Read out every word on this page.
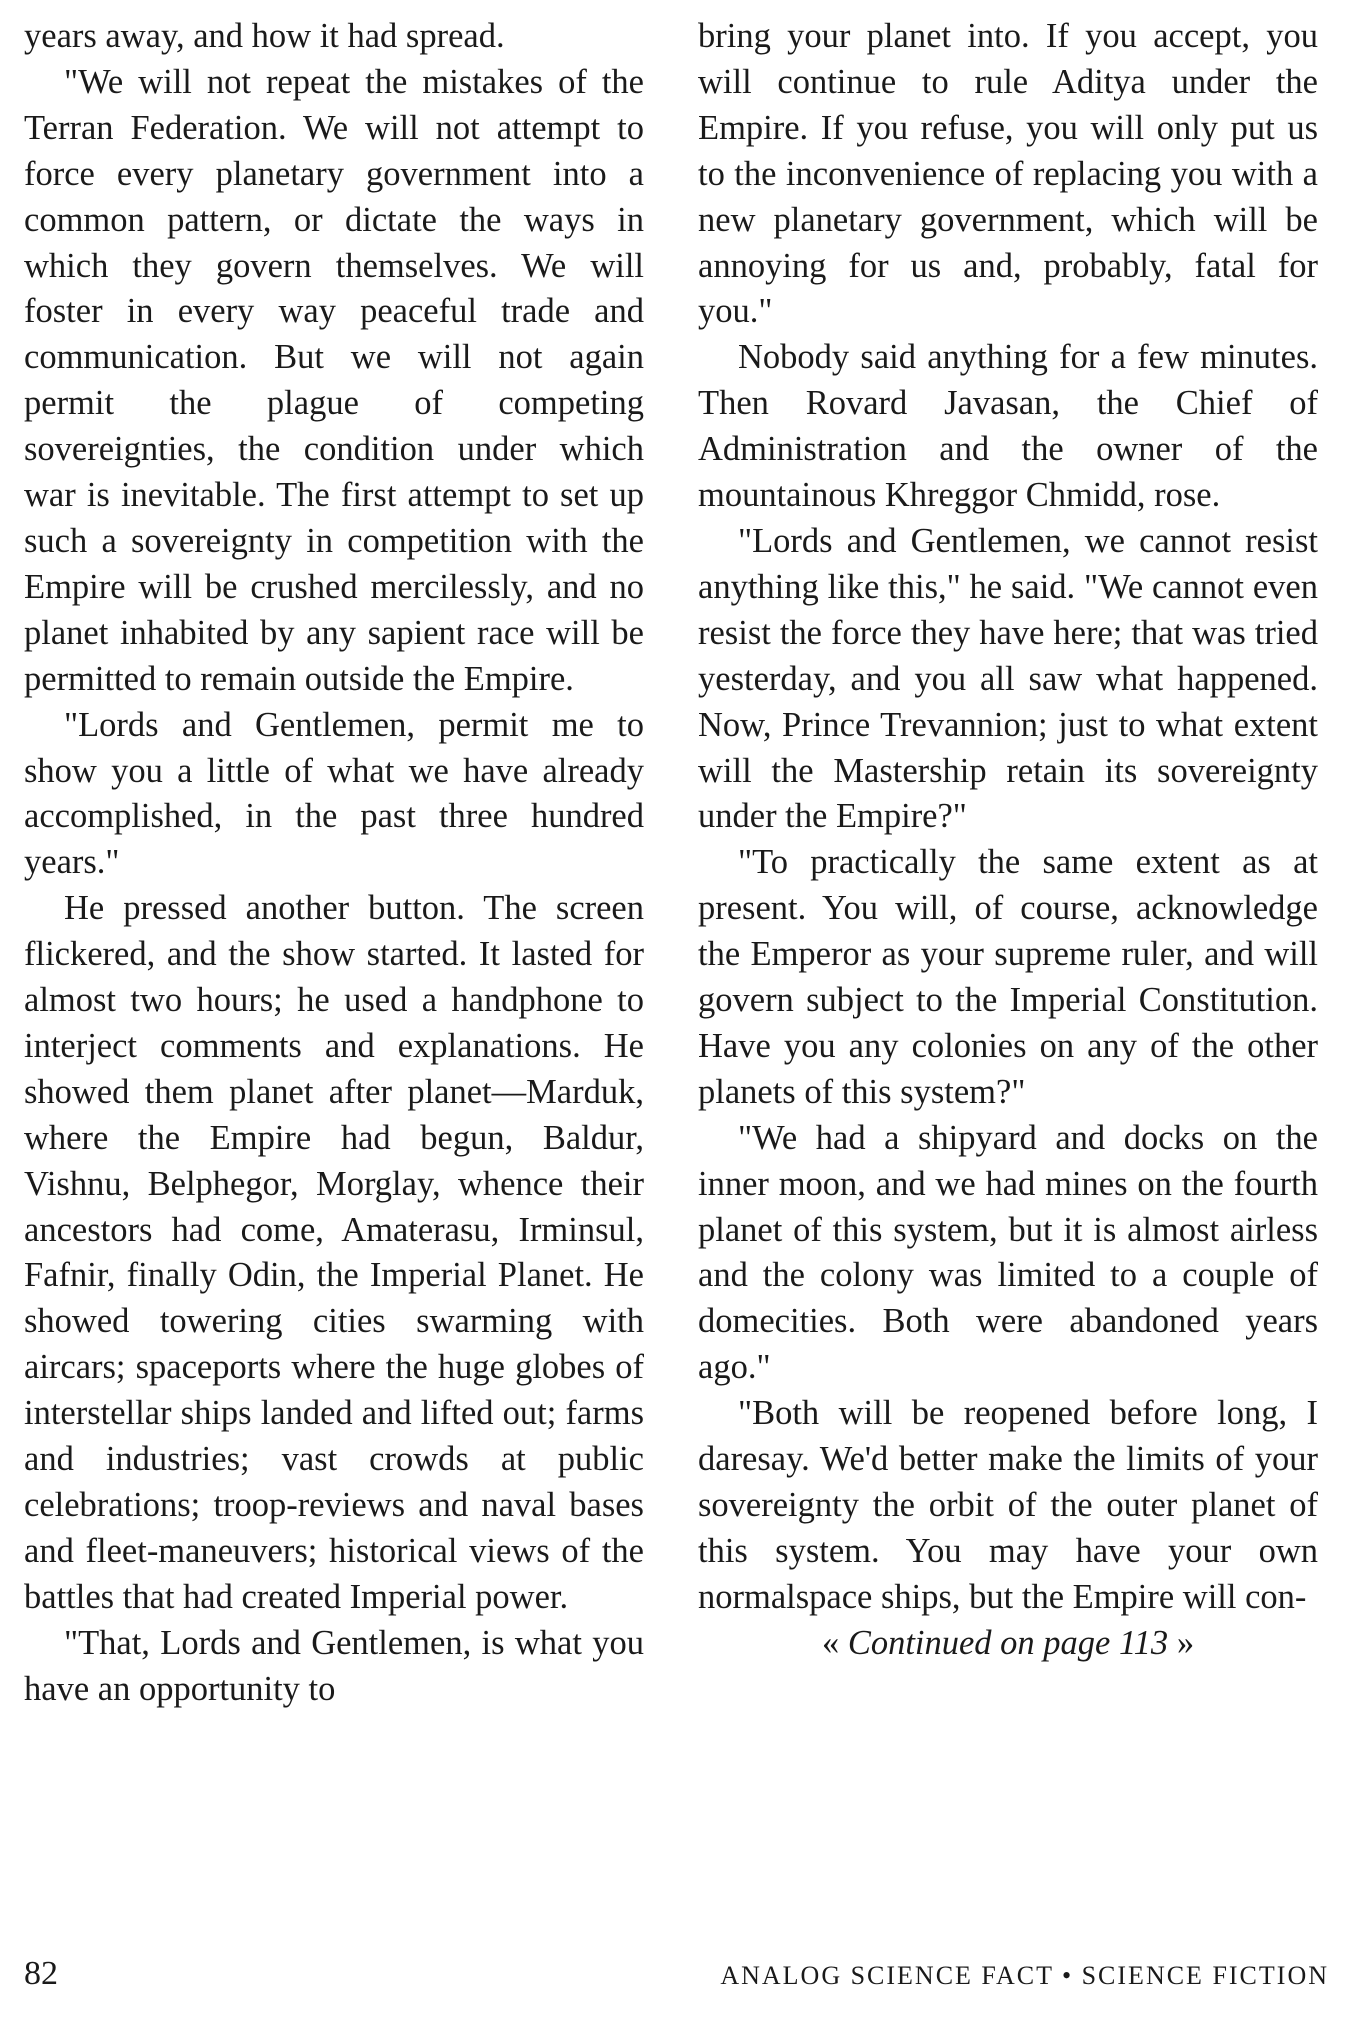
years away, and how it had spread.

"We will not repeat the mistakes of the Terran Federation. We will not attempt to force every planetary government into a common pattern, or dictate the ways in which they govern themselves. We will foster in every way peaceful trade and communication. But we will not again permit the plague of competing sovereignties, the condition under which war is inevitable. The first attempt to set up such a sovereignty in competition with the Empire will be crushed mercilessly, and no planet inhabited by any sapient race will be permitted to remain outside the Empire.

"Lords and Gentlemen, permit me to show you a little of what we have already accomplished, in the past three hundred years."

He pressed another button. The screen flickered, and the show started. It lasted for almost two hours; he used a handphone to interject comments and explanations. He showed them planet after planet—Marduk, where the Empire had begun, Baldur, Vishnu, Belphegor, Morglay, whence their ancestors had come, Amaterasu, Irminsul, Fafnir, finally Odin, the Imperial Planet. He showed towering cities swarming with aircars; spaceports where the huge globes of interstellar ships landed and lifted out; farms and industries; vast crowds at public celebrations; troop-reviews and naval bases and fleet-maneuvers; historical views of the battles that had created Imperial power.

"That, Lords and Gentlemen, is what you have an opportunity to

bring your planet into. If you accept, you will continue to rule Aditya under the Empire. If you refuse, you will only put us to the inconvenience of replacing you with a new planetary government, which will be annoying for us and, probably, fatal for you."

Nobody said anything for a few minutes. Then Rovard Javasan, the Chief of Administration and the owner of the mountainous Khreggor Chmidd, rose.

"Lords and Gentlemen, we cannot resist anything like this," he said. "We cannot even resist the force they have here; that was tried yesterday, and you all saw what happened. Now, Prince Trevannion; just to what extent will the Mastership retain its sovereignty under the Empire?"

"To practically the same extent as at present. You will, of course, acknowledge the Emperor as your supreme ruler, and will govern subject to the Imperial Constitution. Have you any colonies on any of the other planets of this system?"

"We had a shipyard and docks on the inner moon, and we had mines on the fourth planet of this system, but it is almost airless and the colony was limited to a couple of domecities. Both were abandoned years ago."

"Both will be reopened before long, I daresay. We'd better make the limits of your sovereignty the orbit of the outer planet of this system. You may have your own normalspace ships, but the Empire will con-

« Continued on page 113 »

82	ANALOG SCIENCE FACT • SCIENCE FICTION
